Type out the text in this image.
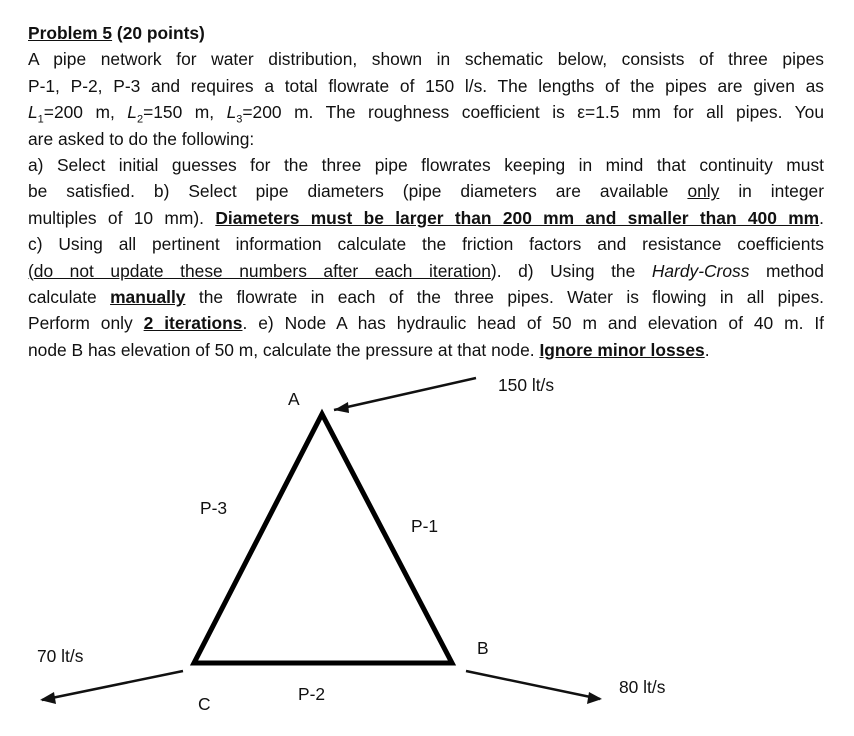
Problem 5 (20 points)
A pipe network for water distribution, shown in schematic below, consists of three pipes
P-1, P-2, P-3 and requires a total flowrate of 150 l/s. The lengths of the pipes are given as
$L_1=200$ m, $L_2=150$ m, $L_3=200$ m. The roughness coefficient is ε=1.5 mm for all pipes. You
are asked to do the following:
a) Select initial guesses for the three pipe flowrates keeping in mind that continuity must
be satisfied. b) Select pipe diameters (pipe diameters are available only in integer
multiples of 10 mm). Diameters must be larger than 200 mm and smaller than 400 mm.
c) Using all pertinent information calculate the friction factors and resistance coefficients
(do not update these numbers after each iteration). d) Using the Hardy-Cross method
calculate manually the flowrate in each of the three pipes. Water is flowing in all pipes.
Perform only 2 iterations. e) Node A has hydraulic head of 50 m and elevation of 40 m. If
node B has elevation of 50 m, calculate the pressure at that node. Ignore minor losses.
A
B
C
P-1
P-2
P-3
150 lt/s
70 lt/s
80 lt/s
